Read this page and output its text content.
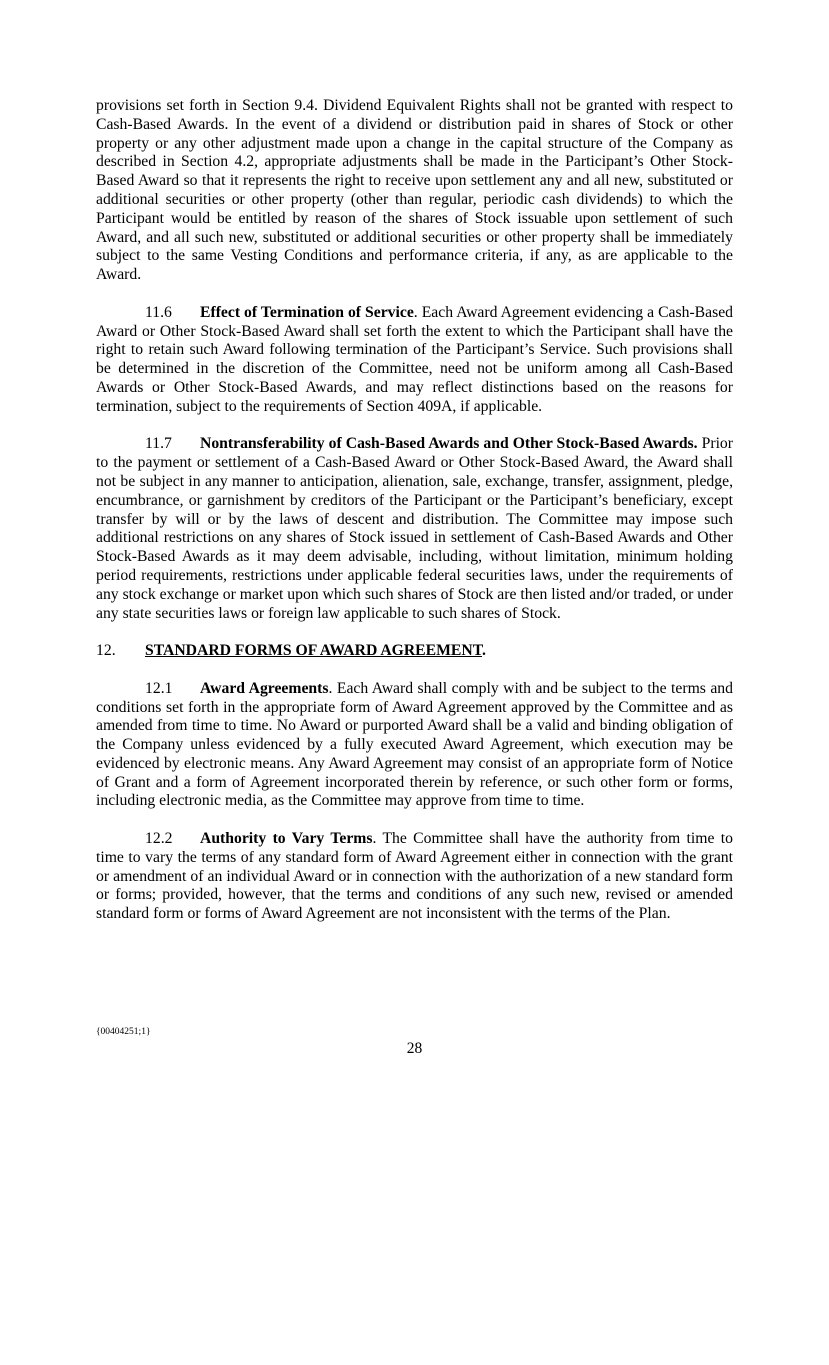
provisions set forth in Section 9.4. Dividend Equivalent Rights shall not be granted with respect to Cash-Based Awards. In the event of a dividend or distribution paid in shares of Stock or other property or any other adjustment made upon a change in the capital structure of the Company as described in Section 4.2, appropriate adjustments shall be made in the Participant’s Other Stock-Based Award so that it represents the right to receive upon settlement any and all new, substituted or additional securities or other property (other than regular, periodic cash dividends) to which the Participant would be entitled by reason of the shares of Stock issuable upon settlement of such Award, and all such new, substituted or additional securities or other property shall be immediately subject to the same Vesting Conditions and performance criteria, if any, as are applicable to the Award.

11.6 Effect of Termination of Service. Each Award Agreement evidencing a Cash-Based Award or Other Stock-Based Award shall set forth the extent to which the Participant shall have the right to retain such Award following termination of the Participant’s Service. Such provisions shall be determined in the discretion of the Committee, need not be uniform among all Cash-Based Awards or Other Stock-Based Awards, and may reflect distinctions based on the reasons for termination, subject to the requirements of Section 409A, if applicable.

11.7 Nontransferability of Cash-Based Awards and Other Stock-Based Awards. Prior to the payment or settlement of a Cash-Based Award or Other Stock-Based Award, the Award shall not be subject in any manner to anticipation, alienation, sale, exchange, transfer, assignment, pledge, encumbrance, or garnishment by creditors of the Participant or the Participant’s beneficiary, except transfer by will or by the laws of descent and distribution. The Committee may impose such additional restrictions on any shares of Stock issued in settlement of Cash-Based Awards and Other Stock-Based Awards as it may deem advisable, including, without limitation, minimum holding period requirements, restrictions under applicable federal securities laws, under the requirements of any stock exchange or market upon which such shares of Stock are then listed and/or traded, or under any state securities laws or foreign law applicable to such shares of Stock.

12. STANDARD FORMS OF AWARD AGREEMENT.

12.1 Award Agreements. Each Award shall comply with and be subject to the terms and conditions set forth in the appropriate form of Award Agreement approved by the Committee and as amended from time to time. No Award or purported Award shall be a valid and binding obligation of the Company unless evidenced by a fully executed Award Agreement, which execution may be evidenced by electronic means. Any Award Agreement may consist of an appropriate form of Notice of Grant and a form of Agreement incorporated therein by reference, or such other form or forms, including electronic media, as the Committee may approve from time to time.

12.2 Authority to Vary Terms. The Committee shall have the authority from time to time to vary the terms of any standard form of Award Agreement either in connection with the grant or amendment of an individual Award or in connection with the authorization of a new standard form or forms; provided, however, that the terms and conditions of any such new, revised or amended standard form or forms of Award Agreement are not inconsistent with the terms of the Plan.

{00404251;1}
28
